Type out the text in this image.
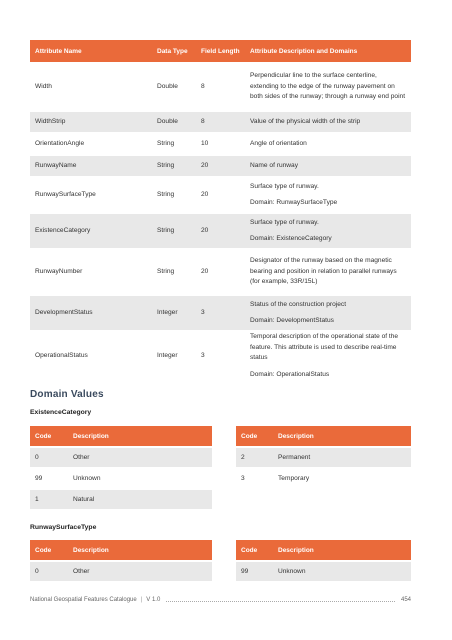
Attribute Name	Data Type	Field Length	Attribute Description and Domains
Width	Double	8	Perpendicular line to the surface centerline, extending to the edge of the runway pavement on both sides of the runway; through a runway end point

WidthStrip	Double	8	Value of the physical width of the strip

OrientationAngle	String	10	Angle of orientation

RunwayName	String	20	Name of runway

RunwaySurfaceType	String	20	Surface type of runway.
Domain: RunwaySurfaceType

ExistenceCategory	String	20	Surface type of runway.
Domain: ExistenceCategory

RunwayNumber	String	20	Designator of the runway based on the magnetic bearing and position in relation to parallel runways (for example, 33R/15L)

DevelopmentStatus	Integer	3	Status of the construction project
Domain: DevelopmentStatus

OperationalStatus	Integer	3	Temporal description of the operational state of the feature. This attribute is used to describe real-time status
Domain: OperationalStatus
Domain Values
ExistenceCategory
Code	Description
0	Other
99	Unknown
1	Natural
Code	Description
2	Permanent
3	Temporary
RunwaySurfaceType
Code	Description
0	Other
Code	Description
99	Unknown
National Geospatial Features Catalogue | V 1.0	454
